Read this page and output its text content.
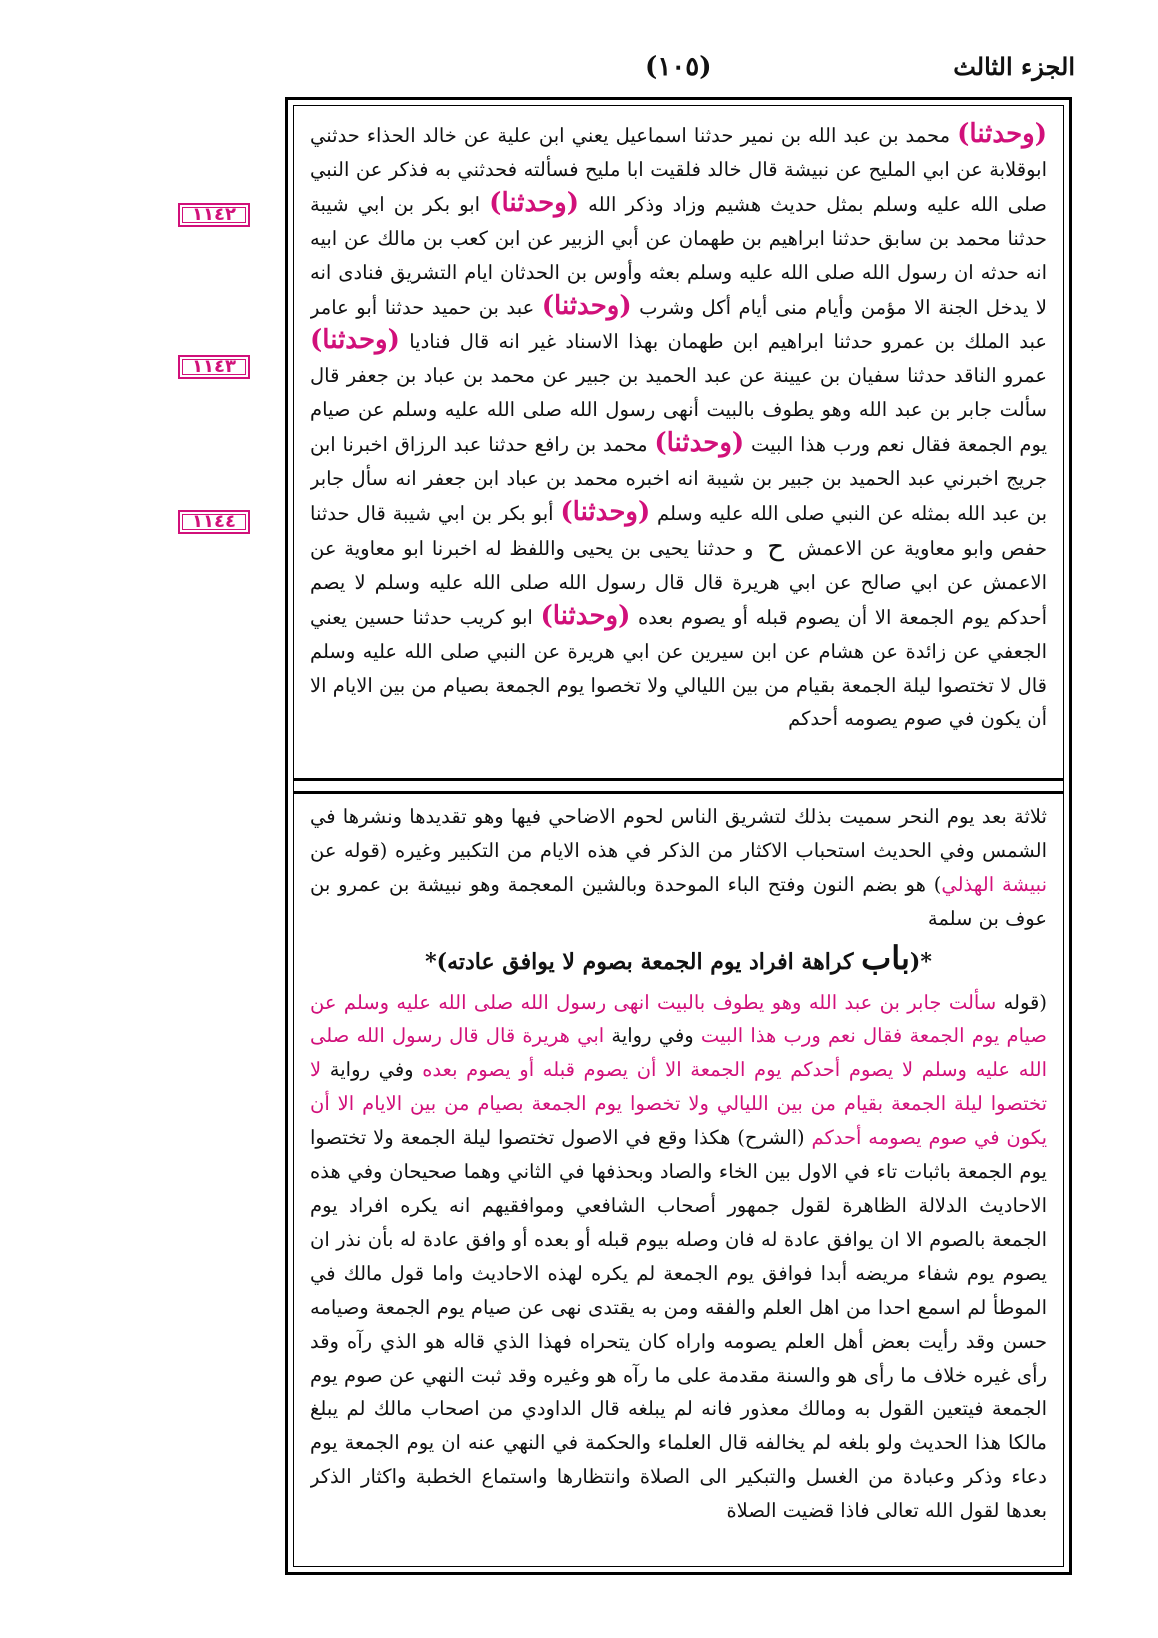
الجزء الثالث
(١٠٥)
١١٤٢
١١٤٣
١١٤٤
(وحدثنا) محمد بن عبد الله بن نمير حدثنا اسماعيل يعني ابن علية عن خالد الحذاء حدثني ابوقلابة عن ابي المليح عن نبيشة قال خالد فلقيت ابا مليح فسألته فحدثني به فذكر عن النبي صلى الله عليه وسلم بمثل حديث هشيم وزاد وذكر الله (وحدثنا) ابو بكر بن ابي شيبة حدثنا محمد بن سابق حدثنا ابراهيم بن طهمان عن أبي الزبير عن ابن كعب بن مالك عن ابيه انه حدثه ان رسول الله صلى الله عليه وسلم بعثه وأوس بن الحدثان ايام التشريق فنادى انه لا يدخل الجنة الا مؤمن وأيام منى أيام أكل وشرب (وحدثنا) عبد بن حميد حدثنا أبو عامر عبد الملك بن عمرو حدثنا ابراهيم ابن طهمان بهذا الاسناد غير انه قال فناديا (وحدثنا) عمرو الناقد حدثنا سفيان بن عيينة عن عبد الحميد بن جبير عن محمد بن عباد بن جعفر قال سألت جابر بن عبد الله وهو يطوف بالبيت أنهى رسول الله صلى الله عليه وسلم عن صيام يوم الجمعة فقال نعم ورب هذا البيت (وحدثنا) محمد بن رافع حدثنا عبد الرزاق اخبرنا ابن جريج اخبرني عبد الحميد بن جبير بن شيبة انه اخبره محمد بن عباد ابن جعفر انه سأل جابر بن عبد الله بمثله عن النبي صلى الله عليه وسلم (وحدثنا) أبو بكر بن ابي شيبة قال حدثنا حفص وابو معاوية عن الاعمش ح و حدثنا يحيى بن يحيى واللفظ له اخبرنا ابو معاوية عن الاعمش عن ابي صالح عن ابي هريرة قال قال رسول الله صلى الله عليه وسلم لا يصم أحدكم يوم الجمعة الا أن يصوم قبله أو يصوم بعده (وحدثنا) ابو كريب حدثنا حسين يعني الجعفي عن زائدة عن هشام عن ابن سيرين عن ابي هريرة عن النبي صلى الله عليه وسلم قال لا تختصوا ليلة الجمعة بقيام من بين الليالي ولا تخصوا يوم الجمعة بصيام من بين الايام الا أن يكون في صوم يصومه أحدكم
ثلاثة بعد يوم النحر سميت بذلك لتشريق الناس لحوم الاضاحي فيها وهو تقديدها ونشرها في الشمس وفي الحديث استحباب الاكثار من الذكر في هذه الايام من التكبير وغيره (قوله عن نبيشة الهذلي) هو بضم النون وفتح الباء الموحدة وبالشين المعجمة وهو نبيشة بن عمرو بن عوف بن سلمة
*(باب كراهة افراد يوم الجمعة بصوم لا يوافق عادته)*
(قوله سألت جابر بن عبد الله وهو يطوف بالبيت انهى رسول الله صلى الله عليه وسلم عن صيام يوم الجمعة فقال نعم ورب هذا البيت وفي رواية ابي هريرة قال قال رسول الله صلى الله عليه وسلم لا يصوم أحدكم يوم الجمعة الا أن يصوم قبله أو يصوم بعده وفي رواية لا تختصوا ليلة الجمعة بقيام من بين الليالي ولا تخصوا يوم الجمعة بصيام من بين الايام الا أن يكون في صوم يصومه أحدكم (الشرح) هكذا وقع في الاصول تختصوا ليلة الجمعة ولا تختصوا يوم الجمعة باثبات تاء في الاول بين الخاء والصاد وبحذفها في الثاني وهما صحيحان وفي هذه الاحاديث الدلالة الظاهرة لقول جمهور أصحاب الشافعي وموافقيهم انه يكره افراد يوم الجمعة بالصوم الا ان يوافق عادة له فان وصله بيوم قبله أو بعده أو وافق عادة له بأن نذر ان يصوم يوم شفاء مريضه أبدا فوافق يوم الجمعة لم يكره لهذه الاحاديث واما قول مالك في الموطأ لم اسمع احدا من اهل العلم والفقه ومن به يقتدى نهى عن صيام يوم الجمعة وصيامه حسن وقد رأيت بعض أهل العلم يصومه واراه كان يتحراه فهذا الذي قاله هو الذي رآه وقد رأى غيره خلاف ما رأى هو والسنة مقدمة على ما رآه هو وغيره وقد ثبت النهي عن صوم يوم الجمعة فيتعين القول به ومالك معذور فانه لم يبلغه قال الداودي من اصحاب مالك لم يبلغ مالكا هذا الحديث ولو بلغه لم يخالفه قال العلماء والحكمة في النهي عنه ان يوم الجمعة يوم دعاء وذكر وعبادة من الغسل والتبكير الى الصلاة وانتظارها واستماع الخطبة واكثار الذكر بعدها لقول الله تعالى فاذا قضيت الصلاة
